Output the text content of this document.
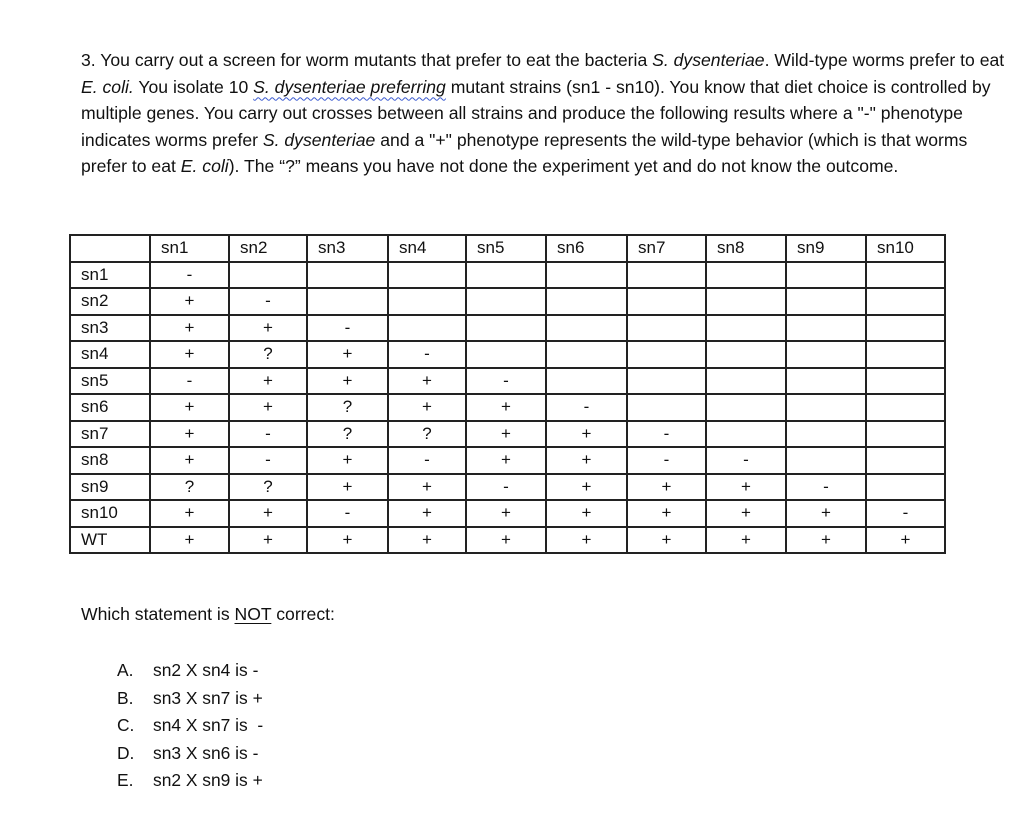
3. You carry out a screen for worm mutants that prefer to eat the bacteria S. dysenteriae. Wild-type worms prefer to eat E. coli. You isolate 10 S. dysenteriae preferring mutant strains (sn1 - sn10). You know that diet choice is controlled by multiple genes. You carry out crosses between all strains and produce the following results where a "-" phenotype indicates worms prefer S. dysenteriae and a "+" phenotype represents the wild-type behavior (which is that worms prefer to eat E. coli). The “?” means you have not done the experiment yet and do not know the outcome.

	sn1	sn2	sn3	sn4	sn5	sn6	sn7	sn8	sn9	sn10
sn1	-									
sn2	+	-								
sn3	+	+	-							
sn4	+	?	+	-						
sn5	-	+	+	+	-					
sn6	+	+	?	+	+	-				
sn7	+	-	?	?	+	+	-			
sn8	+	-	+	-	+	+	-	-		
sn9	?	?	+	+	-	+	+	+	-	
sn10	+	+	-	+	+	+	+	+	+	-
WT	+	+	+	+	+	+	+	+	+	+

Which statement is NOT correct:

A. sn2 X sn4 is -
B. sn3 X sn7 is +
C. sn4 X sn7 is  -
D. sn3 X sn6 is -
E. sn2 X sn9 is +
